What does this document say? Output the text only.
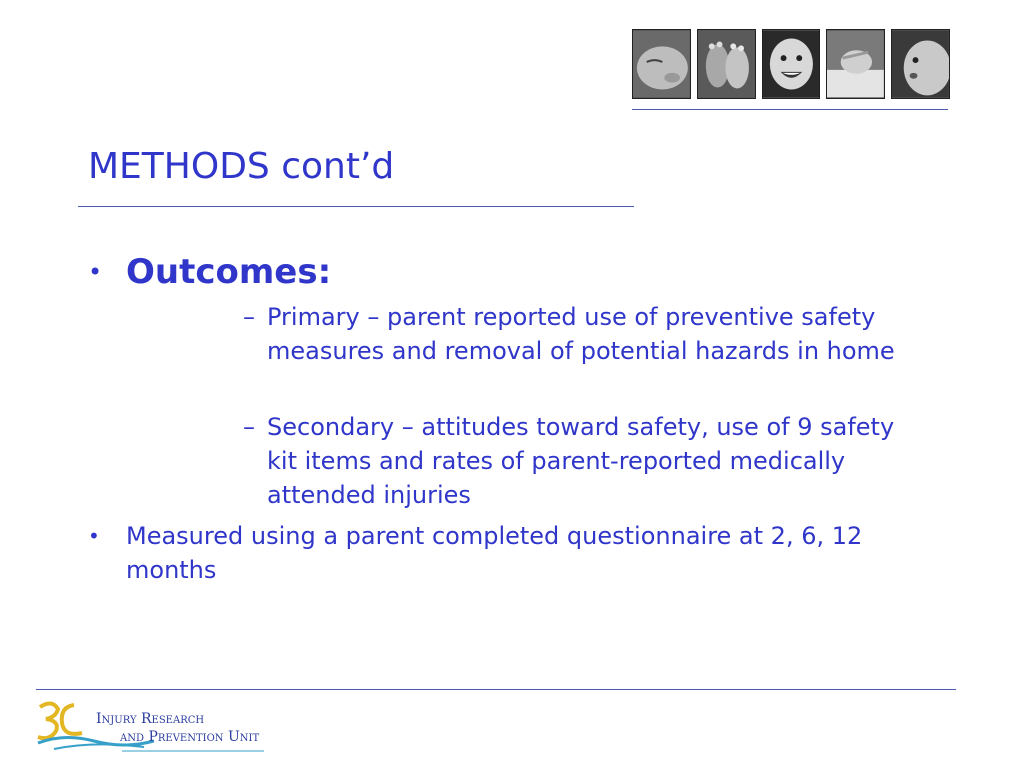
METHODS cont’d
• Outcomes:
– Primary – parent reported use of preventive safety measures and removal of potential hazards in home
– Secondary – attitudes toward safety, use of 9 safety kit items and rates of parent-reported medically attended injuries
• Measured using a parent completed questionnaire at 2, 6, 12 months
Injury Research
and Prevention Unit
